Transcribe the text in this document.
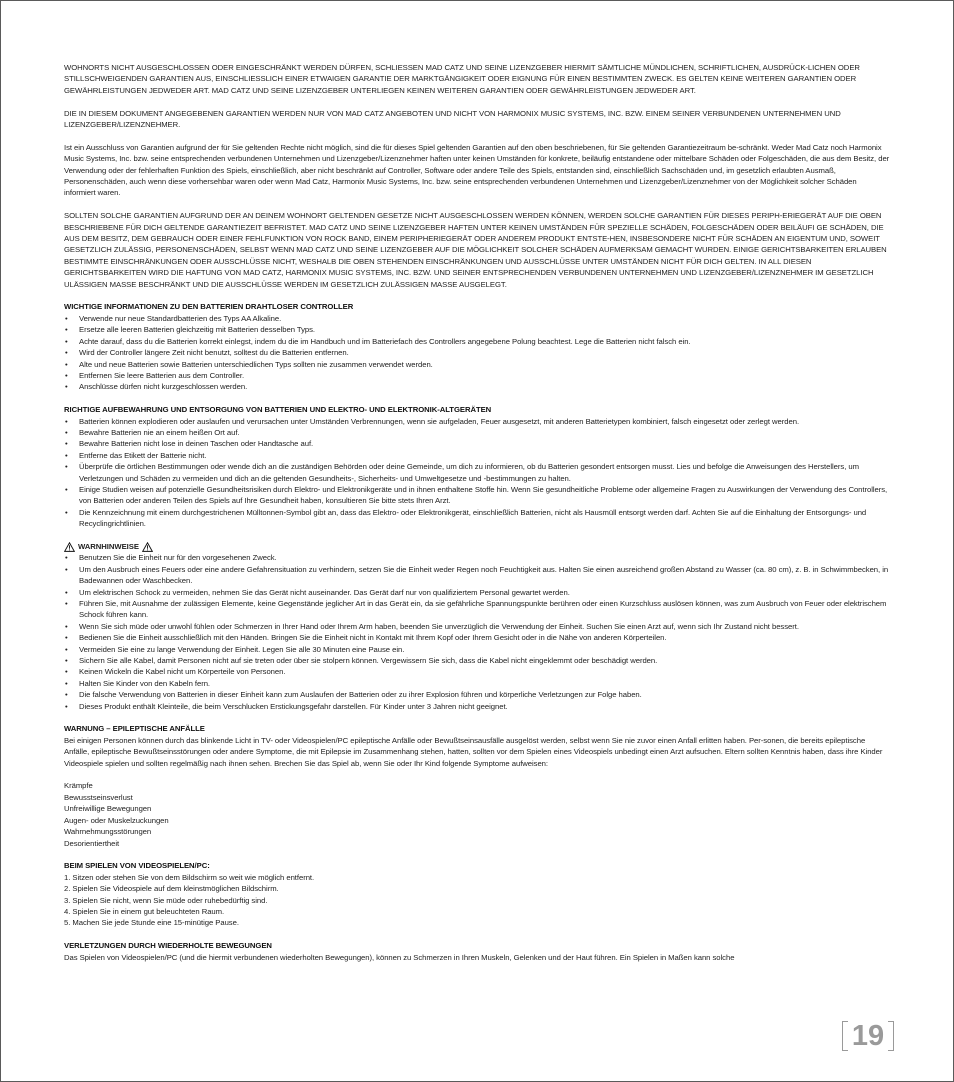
WOHNORTS NICHT AUSGESCHLOSSEN ODER EINGESCHRÄNKT WERDEN DÜRFEN, SCHLIESSEN MAD CATZ UND SEINE LIZENZGEBER HIERMIT SÄMTLICHE MÜNDLICHEN, SCHRIFTLICHEN, AUSDRÜCK-LICHEN ODER STILLSCHWEIGENDEN GARANTIEN AUS, EINSCHLIESSLICH EINER ETWAIGEN GARANTIE DER MARKTGÄNGIGKEIT ODER EIGNUNG FÜR EINEN BESTIMMTEN ZWECK. ES GELTEN KEINE WEITEREN GARANTIEN ODER GEWÄHRLEISTUNGEN JEDWEDER ART. MAD CATZ UND SEINE LIZENZGEBER UNTERLIEGEN KEINEN WEITEREN GARANTIEN ODER GEWÄHRLEISTUNGEN JEDWEDER ART.

DIE IN DIESEM DOKUMENT ANGEGEBENEN GARANTIEN WERDEN NUR VON MAD CATZ ANGEBOTEN UND NICHT VON HARMONIX MUSIC SYSTEMS, INC. BZW. EINEM SEINER VERBUNDENEN UNTERNEHMEN UND LIZENZGEBER/LIZENZNEHMER.

Ist ein Ausschluss von Garantien aufgrund der für Sie geltenden Rechte nicht möglich, sind die für dieses Spiel geltenden Garantien auf den oben beschriebenen, für Sie geltenden Garantiezeitraum be-schränkt. Weder Mad Catz noch Harmonix Music Systems, Inc. bzw. seine entsprechenden verbundenen Unternehmen und Lizenzgeber/Lizenznehmer haften unter keinen Umständen für konkrete, beiläufig entstandene oder mittelbare Schäden oder Folgeschäden, die aus dem Besitz, der Verwendung oder der fehlerhaften Funktion des Spiels, einschließlich, aber nicht beschränkt auf Controller, Software oder andere Teile des Spiels, entstanden sind, einschließlich Sachschäden und, im gesetzlich erlaubten Ausmaß, Personenschäden, auch wenn diese vorhersehbar waren oder wenn Mad Catz, Harmonix Music Systems, Inc. bzw. seine entsprechenden verbundenen Unternehmen und Lizenzgeber/Lizenznehmer von der Möglichkeit solcher Schäden informiert waren.

SOLLTEN SOLCHE GARANTIEN AUFGRUND DER AN DEINEM WOHNORT GELTENDEN GESETZE NICHT AUSGESCHLOSSEN WERDEN KÖNNEN, WERDEN SOLCHE GARANTIEN FÜR DIESES PERIPH-ERIEGERÄT AUF DIE OBEN BESCHRIEBENE FÜR DICH GELTENDE GARANTIEZEIT BEFRISTET. MAD CATZ UND SEINE LIZENZGEBER HAFTEN UNTER KEINEN UMSTÄNDEN FÜR SPEZIELLE SCHÄDEN, FOLGESCHÄDEN ODER BEILÄUFI GE SCHÄDEN, DIE AUS DEM BESITZ, DEM GEBRAUCH ODER EINER FEHLFUNKTION VON ROCK BAND, EINEM PERIPHERIEGERÄT ODER ANDEREM PRODUKT ENTSTE-HEN, INSBESONDERE NICHT FÜR SCHÄDEN AN EIGENTUM UND, SOWEIT GESETZLICH ZULÄSSIG, PERSONENSCHÄDEN, SELBST WENN MAD CATZ UND SEINE LIZENZGEBER AUF DIE MÖGLICHKEIT SOLCHER SCHÄDEN AUFMERKSAM GEMACHT WURDEN. EINIGE GERICHTSBARKEITEN ERLAUBEN BESTIMMTE EINSCHRÄNKUNGEN ODER AUSSCHLÜSSE NICHT, WESHALB DIE OBEN STEHENDEN EINSCHRÄNKUNGEN UND AUSSCHLÜSSE UNTER UMSTÄNDEN NICHT FÜR DICH GELTEN. IN ALL DIESEN GERICHTSBARKEITEN WIRD DIE HAFTUNG VON MAD CATZ, HARMONIX MUSIC SYSTEMS, INC. BZW. UND SEINER ENTSPRECHENDEN VERBUNDENEN UNTERNEHMEN UND LIZENZGEBER/LIZENZNEHMER IM GESETZLICH ULÄSSIGEN MASSE BESCHRÄNKT UND DIE AUSSCHLÜSSE WERDEN IM GESETZLICH ZULÄSSIGEN MASSE AUSGELEGT.

WICHTIGE INFORMATIONEN ZU DEN BATTERIEN DRAHTLOSER CONTROLLER

• Verwende nur neue Standardbatterien des Typs AA Alkaline.
• Ersetze alle leeren Batterien gleichzeitig mit Batterien desselben Typs.
• Achte darauf, dass du die Batterien korrekt einlegst, indem du die im Handbuch und im Batteriefach des Controllers angegebene Polung beachtest. Lege die Batterien nicht falsch ein.
• Wird der Controller längere Zeit nicht benutzt, solltest du die Batterien entfernen.
• Alte und neue Batterien sowie Batterien unterschiedlichen Typs sollten nie zusammen verwendet werden.
• Entfernen Sie leere Batterien aus dem Controller.
• Anschlüsse dürfen nicht kurzgeschlossen werden.

RICHTIGE AUFBEWAHRUNG UND ENTSORGUNG VON BATTERIEN UND ELEKTRO- UND ELEKTRONIK-ALTGERÄTEN

• Batterien können explodieren oder auslaufen und verursachen unter Umständen Verbrennungen, wenn sie aufgeladen, Feuer ausgesetzt, mit anderen Batterietypen kombiniert, falsch eingesetzt oder zerlegt werden.
• Bewahre Batterien nie an einem heißen Ort auf.
• Bewahre Batterien nicht lose in deinen Taschen oder Handtasche auf.
• Entferne das Etikett der Batterie nicht.
• Überprüfe die örtlichen Bestimmungen oder wende dich an die zuständigen Behörden oder deine Gemeinde, um dich zu informieren, ob du Batterien gesondert entsorgen musst. Lies und befolge die Anweisungen des Herstellers, um Verletzungen und Schäden zu vermeiden und dich an die geltenden Gesundheits-, Sicherheits- und Umweltgesetze und -bestimmungen zu halten.
• Einige Studien weisen auf potenzielle Gesundheitsrisiken durch Elektro- und Elektronikgeräte und in ihnen enthaltene Stoffe hin. Wenn Sie gesundheitliche Probleme oder allgemeine Fragen zu Auswirkungen der Verwendung des Controllers, von Batterien oder anderen Teilen des Spiels auf Ihre Gesundheit haben, konsultieren Sie bitte stets Ihren Arzt.
• Die Kennzeichnung mit einem durchgestrichenen Mülltonnen-Symbol gibt an, dass das Elektro- oder Elektronikgerät, einschließlich Batterien, nicht als Hausmüll entsorgt werden darf. Achten Sie auf die Einhaltung der Entsorgungs- und Recyclingrichtlinien.
WARNHINWEISE
• Benutzen Sie die Einheit nur für den vorgesehenen Zweck.
• Um den Ausbruch eines Feuers oder eine andere Gefahrensituation zu verhindern, setzen Sie die Einheit weder Regen noch Feuchtigkeit aus. Halten Sie einen ausreichend großen Abstand zu Wasser (ca. 80 cm), z. B. in Schwimmbecken, in Badewannen oder Waschbecken.
• Um elektrischen Schock zu vermeiden, nehmen Sie das Gerät nicht auseinander. Das Gerät darf nur von qualifiziertem Personal gewartet werden.
• Führen Sie, mit Ausnahme der zulässigen Elemente, keine Gegenstände jeglicher Art in das Gerät ein, da sie gefährliche Spannungspunkte berühren oder einen Kurzschluss auslösen können, was zum Ausbruch von Feuer oder elektrischem Schock führen kann.
• Wenn Sie sich müde oder unwohl fühlen oder Schmerzen in Ihrer Hand oder Ihrem Arm haben, beenden Sie unverzüglich die Verwendung der Einheit. Suchen Sie einen Arzt auf, wenn sich Ihr Zustand nicht bessert.
• Bedienen Sie die Einheit ausschließlich mit den Händen. Bringen Sie die Einheit nicht in Kontakt mit Ihrem Kopf oder Ihrem Gesicht oder in die Nähe von anderen Körperteilen.
• Vermeiden Sie eine zu lange Verwendung der Einheit. Legen Sie alle 30 Minuten eine Pause ein.
• Sichern Sie alle Kabel, damit Personen nicht auf sie treten oder über sie stolpern können. Vergewissern Sie sich, dass die Kabel nicht eingeklemmt oder beschädigt werden.
• Keinen Wickeln die Kabel nicht um Körperteile von Personen.
• Halten Sie Kinder von den Kabeln fern.
• Die falsche Verwendung von Batterien in dieser Einheit kann zum Auslaufen der Batterien oder zu ihrer Explosion führen und körperliche Verletzungen zur Folge haben.
• Dieses Produkt enthält Kleinteile, die beim Verschlucken Erstickungsgefahr darstellen. Für Kinder unter 3 Jahren nicht geeignet.

WARNUNG – EPILEPTISCHE ANFÄLLE

Bei einigen Personen können durch das blinkende Licht in TV- oder Videospielen/PC epileptische Anfälle oder Bewußtseinsausfälle ausgelöst werden, selbst wenn Sie nie zuvor einen Anfall erlitten haben. Per-sonen, die bereits epileptische Anfälle, epileptische Bewußtseinsstörungen oder andere Symptome, die mit Epilepsie im Zusammenhang stehen, hatten, sollten vor dem Spielen eines Videospiels unbedingt einen Arzt aufsuchen. Eltern sollten Kenntnis haben, dass ihre Kinder Videospiele spielen und sollten regelmäßig nach ihnen sehen. Brechen Sie das Spiel ab, wenn Sie oder Ihr Kind folgende Symptome aufweisen:

Krämpfe
Bewusstseinsverlust
Unfreiwillige Bewegungen
Augen- oder Muskelzuckungen
Wahrnehmungsstörungen
Desorientiertheit

BEIM SPIELEN VON VIDEOSPIELEN/PC:

1. Sitzen oder stehen Sie von dem Bildschirm so weit wie möglich entfernt.
2. Spielen Sie Videospiele auf dem kleinstmöglichen Bildschirm.
3. Spielen Sie nicht, wenn Sie müde oder ruhebedürftig sind.
4. Spielen Sie in einem gut beleuchteten Raum.
5. Machen Sie jede Stunde eine 15-minütige Pause.

VERLETZUNGEN DURCH WIEDERHOLTE BEWEGUNGEN

Das Spielen von Videospielen/PC (und die hiermit verbundenen wiederholten Bewegungen), können zu Schmerzen in Ihren Muskeln, Gelenken und der Haut führen. Ein Spielen in Maßen kann solche

19
